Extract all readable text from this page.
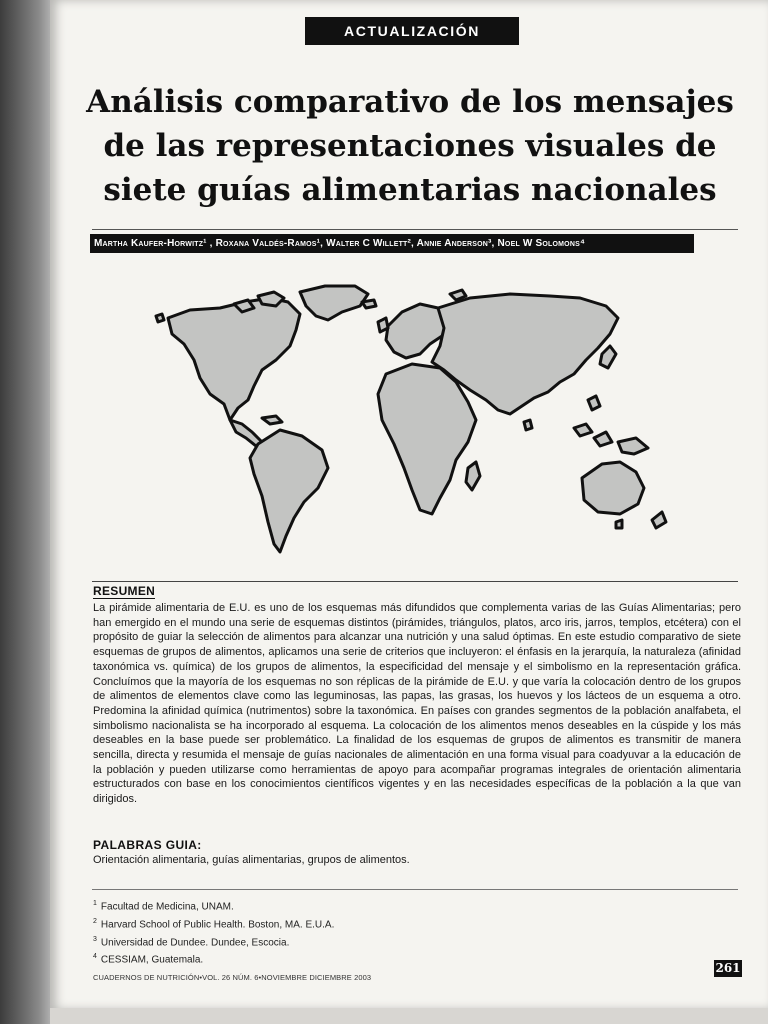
ACTUALIZACIÓN
Análisis comparativo de los mensajes
de las representaciones visuales de
siete guías alimentarias nacionales
Martha Kaufer-Horwitz¹ , Roxana Valdés-Ramos¹, Walter C Willett², Annie Anderson³, Noel W Solomons⁴
RESUMEN

La pirámide alimentaria de E.U. es uno de los esquemas más difundidos que complementa varias de las Guías Alimentarias; pero han emergido en el mundo una serie de esquemas distintos (pirámides, triángulos, platos, arco iris, jarros, templos, etcétera) con el propósito de guiar la selección de alimentos para alcanzar una nutrición y una salud óptimas. En este estudio comparativo de siete esquemas de grupos de alimentos, aplicamos una serie de criterios que incluyeron: el énfasis en la jerarquía, la naturaleza (afinidad taxonómica vs. química) de los grupos de alimentos, la especificidad del mensaje y el simbolismo en la representación gráfica. Concluímos que la mayoría de los esquemas no son réplicas de la pirámide de E.U. y que varía la colocación dentro de los grupos de alimentos de elementos clave como las leguminosas, las papas, las grasas, los huevos y los lácteos de un esquema a otro. Predomina la afinidad química (nutrimentos) sobre la taxonómica. En países con grandes segmentos de la población analfabeta, el simbolismo nacionalista se ha incorporado al esquema. La colocación de los alimentos menos deseables en la cúspide y los más deseables en la base puede ser problemático. La finalidad de los esquemas de grupos de alimentos es transmitir de manera sencilla, directa y resumida el mensaje de guías nacionales de alimentación en una forma visual para coadyuvar a la educación de la población y pueden utilizarse como herramientas de apoyo para acompañar programas integrales de orientación alimentaria estructurados con base en los conocimientos científicos vigentes y en las necesidades específicas de la población a la que van dirigidos.

PALABRAS GUIA:

Orientación alimentaria, guías alimentarias, grupos de alimentos.

$^1$ Facultad de Medicina, UNAM.
$^2$ Harvard School of Public Health. Boston, MA. E.U.A.
$^3$ Universidad de Dundee. Dundee, Escocia.
$^4$ CESSIAM, Guatemala.
CUADERNOS DE NUTRICIÓN•VOL. 26 NÚM. 6•NOVIEMBRE DICIEMBRE 2003
261
